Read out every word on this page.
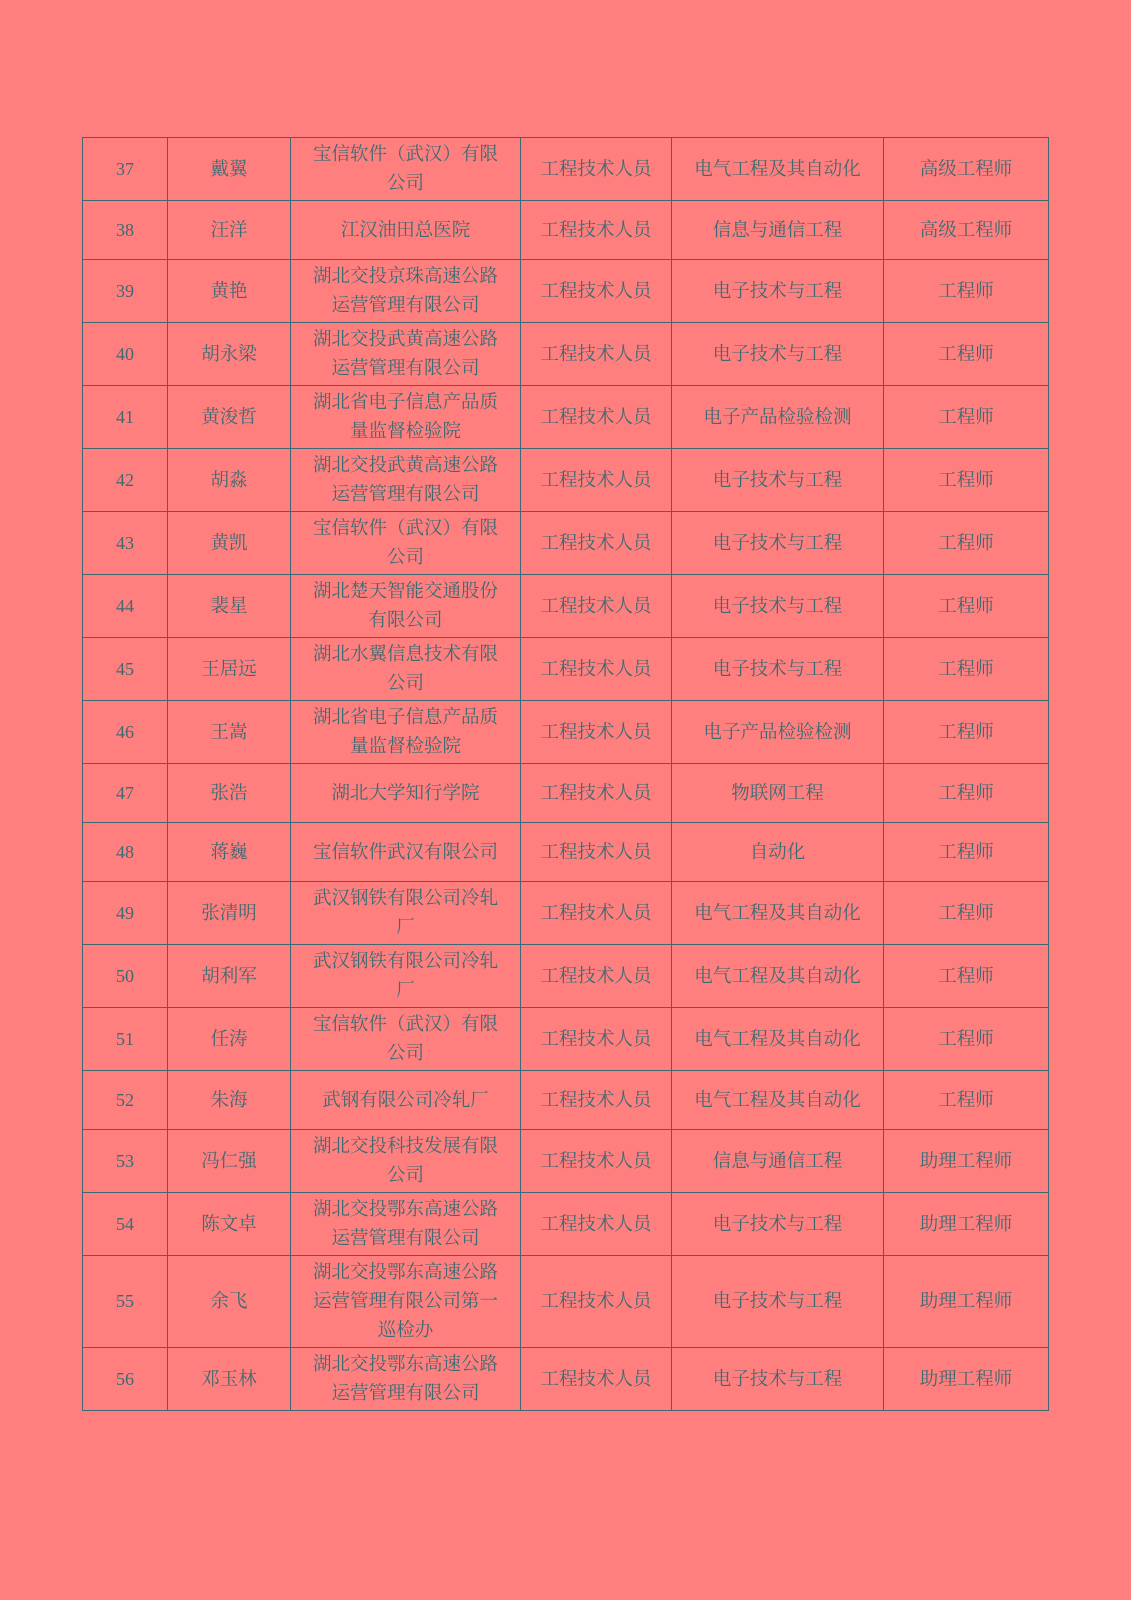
37	戴翼	宝信软件（武汉）有限公司	工程技术人员	电气工程及其自动化	高级工程师
38	汪洋	江汉油田总医院	工程技术人员	信息与通信工程	高级工程师
39	黄艳	湖北交投京珠高速公路运营管理有限公司	工程技术人员	电子技术与工程	工程师
40	胡永梁	湖北交投武黄高速公路运营管理有限公司	工程技术人员	电子技术与工程	工程师
41	黄浚哲	湖北省电子信息产品质量监督检验院	工程技术人员	电子产品检验检测	工程师
42	胡淼	湖北交投武黄高速公路运营管理有限公司	工程技术人员	电子技术与工程	工程师
43	黄凯	宝信软件（武汉）有限公司	工程技术人员	电子技术与工程	工程师
44	裴星	湖北楚天智能交通股份有限公司	工程技术人员	电子技术与工程	工程师
45	王居远	湖北水翼信息技术有限公司	工程技术人员	电子技术与工程	工程师
46	王嵩	湖北省电子信息产品质量监督检验院	工程技术人员	电子产品检验检测	工程师
47	张浩	湖北大学知行学院	工程技术人员	物联网工程	工程师
48	蒋巍	宝信软件武汉有限公司	工程技术人员	自动化	工程师
49	张清明	武汉钢铁有限公司冷轧厂	工程技术人员	电气工程及其自动化	工程师
50	胡利军	武汉钢铁有限公司冷轧厂	工程技术人员	电气工程及其自动化	工程师
51	任涛	宝信软件（武汉）有限公司	工程技术人员	电气工程及其自动化	工程师
52	朱海	武钢有限公司冷轧厂	工程技术人员	电气工程及其自动化	工程师
53	冯仁强	湖北交投科技发展有限公司	工程技术人员	信息与通信工程	助理工程师
54	陈文卓	湖北交投鄂东高速公路运营管理有限公司	工程技术人员	电子技术与工程	助理工程师
55	余飞	湖北交投鄂东高速公路运营管理有限公司第一巡检办	工程技术人员	电子技术与工程	助理工程师
56	邓玉林	湖北交投鄂东高速公路运营管理有限公司	工程技术人员	电子技术与工程	助理工程师
